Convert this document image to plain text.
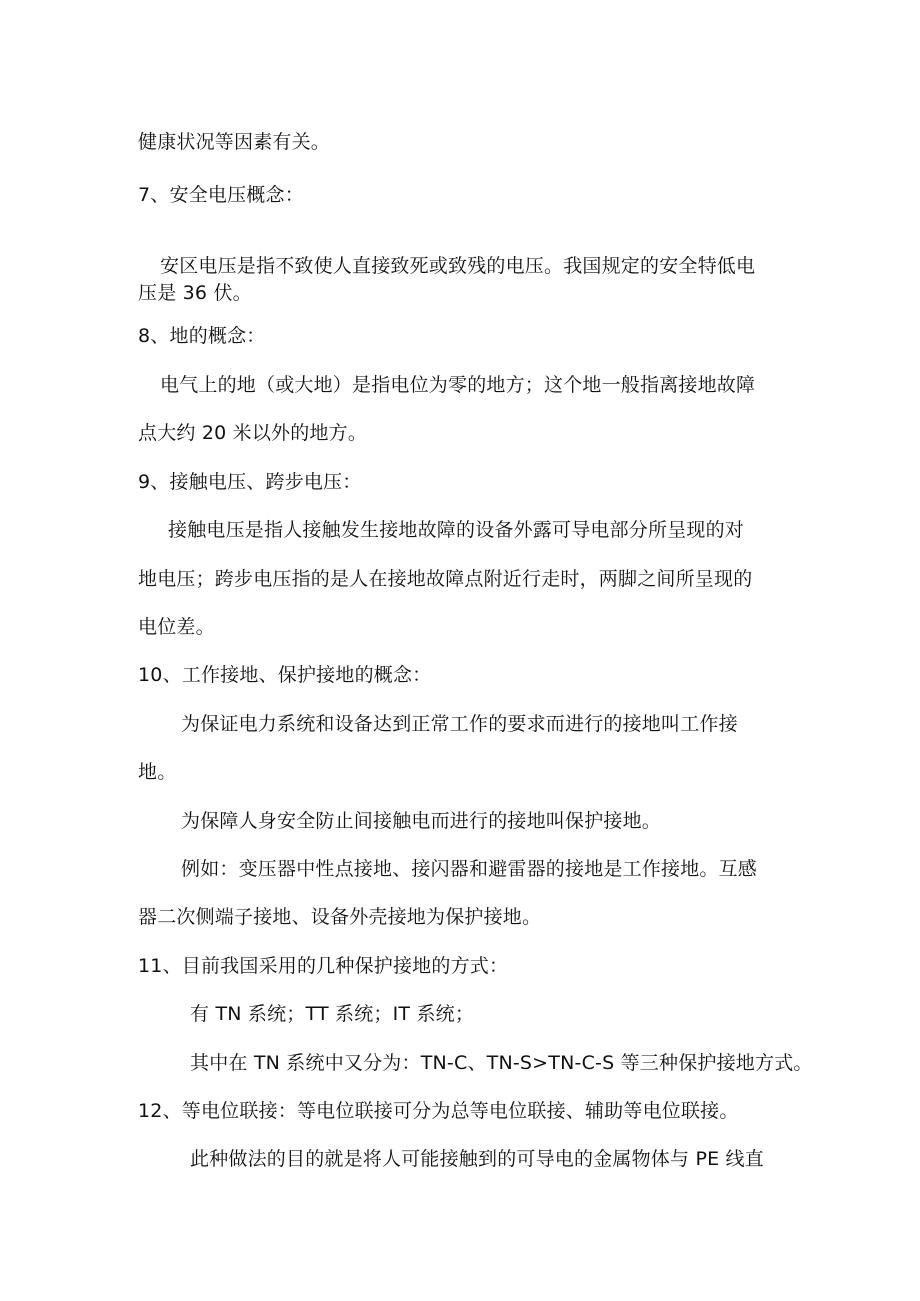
健康状况等因素有关。
7、安全电压概念：
安区电压是指不致使人直接致死或致残的电压。我国规定的安全特低电
压是 36 伏。
8、地的概念：
电气上的地（或大地）是指电位为零的地方；这个地一般指离接地故障
点大约 20 米以外的地方。
9、接触电压、跨步电压：
接触电压是指人接触发生接地故障的设备外露可导电部分所呈现的对
地电压；跨步电压指的是人在接地故障点附近行走时，两脚之间所呈现的
电位差。
10、工作接地、保护接地的概念：
为保证电力系统和设备达到正常工作的要求而进行的接地叫工作接
地。
为保障人身安全防止间接触电而进行的接地叫保护接地。
例如：变压器中性点接地、接闪器和避雷器的接地是工作接地。互感
器二次侧端子接地、设备外壳接地为保护接地。
11、目前我国采用的几种保护接地的方式：
有 TN 系统；TT 系统；IT 系统；
其中在 TN 系统中又分为：TN-C、TN-S>TN-C-S 等三种保护接地方式。
12、等电位联接：等电位联接可分为总等电位联接、辅助等电位联接。
此种做法的目的就是将人可能接触到的可导电的金属物体与 PE 线直
